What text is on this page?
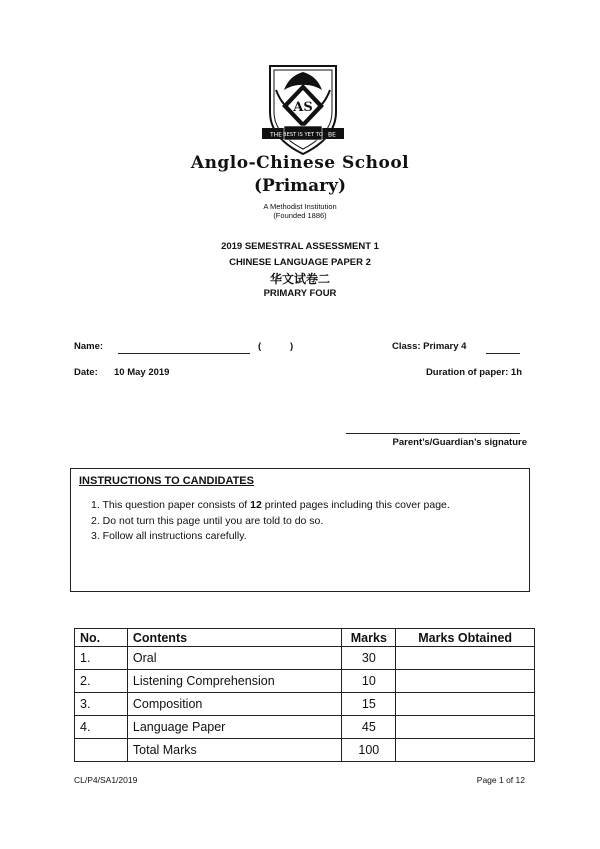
AS
THE BEST IS YET TO BE
Anglo-Chinese School
(Primary)
A Methodist Institution
(Founded 1886)
2019 SEMESTRAL ASSESSMENT 1
CHINESE LANGUAGE PAPER 2
华文试卷二
PRIMARY FOUR
Name:	(	)	Class: Primary 4
Date: 10 May 2019	Duration of paper: 1h
Parent’s/Guardian’s signature
INSTRUCTIONS TO CANDIDATES
1. This question paper consists of 12 printed pages including this cover page.
2. Do not turn this page until you are told to do so.
3. Follow all instructions carefully.
No.	Contents	Marks	Marks Obtained
1.	Oral	30	
2.	Listening Comprehension	10	
3.	Composition	15	
4.	Language Paper	45	
	Total Marks	100	
CL/P4/SA1/2019	Page 1 of 12
